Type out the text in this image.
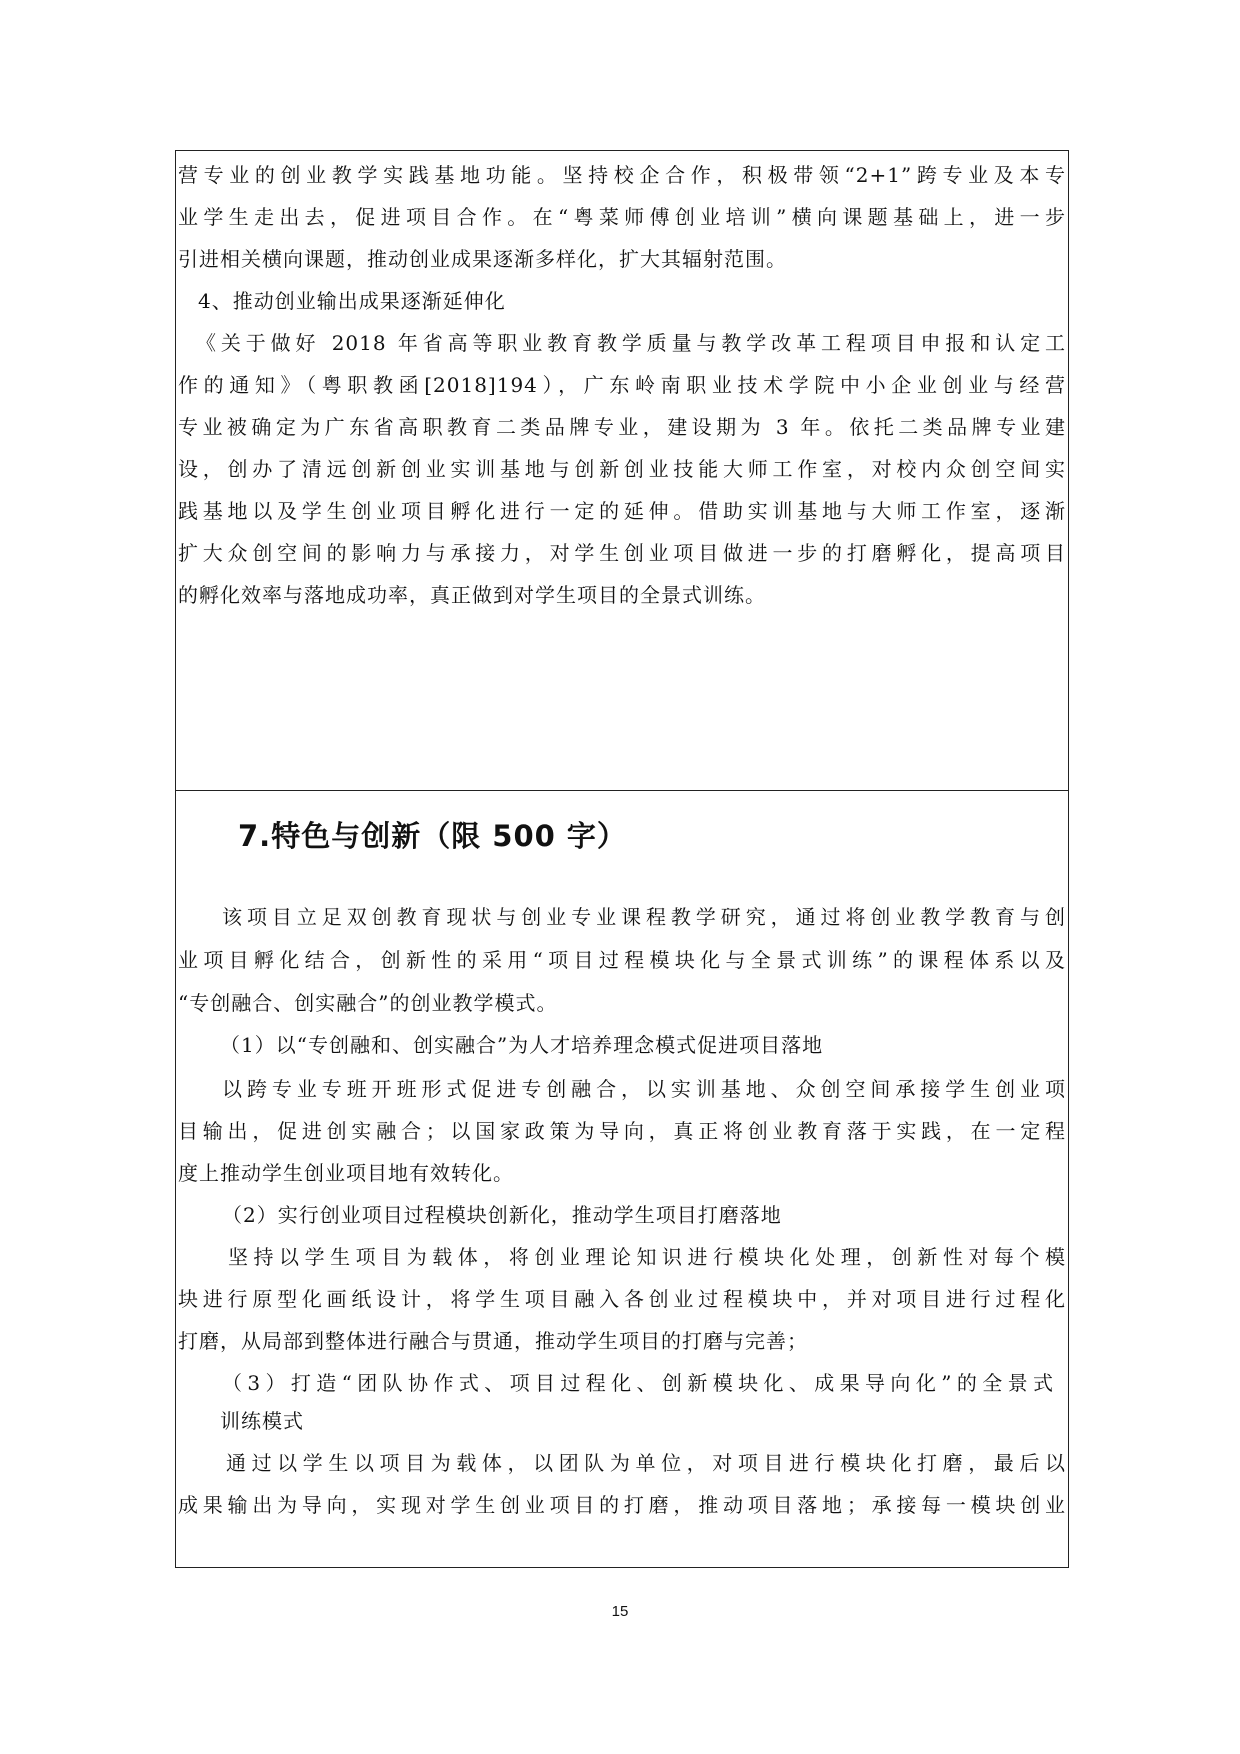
营专业的创业教学实践基地功能。坚持校企合作，积极带领“2+1”跨专业及本专
业学生走出去，促进项目合作。在“粤菜师傅创业培训”横向课题基础上，进一步
引进相关横向课题，推动创业成果逐渐多样化，扩大其辐射范围。
4、推动创业输出成果逐渐延伸化
《关于做好 2018 年省高等职业教育教学质量与教学改革工程项目申报和认定工
作的通知》（粤职教函[2018]194），广东岭南职业技术学院中小企业创业与经营
专业被确定为广东省高职教育二类品牌专业，建设期为 3 年。依托二类品牌专业建
设，创办了清远创新创业实训基地与创新创业技能大师工作室，对校内众创空间实
践基地以及学生创业项目孵化进行一定的延伸。借助实训基地与大师工作室，逐渐
扩大众创空间的影响力与承接力，对学生创业项目做进一步的打磨孵化，提高项目
的孵化效率与落地成功率，真正做到对学生项目的全景式训练。
7.特色与创新（限 500 字）
该项目立足双创教育现状与创业专业课程教学研究，通过将创业教学教育与创
业项目孵化结合，创新性的采用“项目过程模块化与全景式训练”的课程体系以及
“专创融合、创实融合”的创业教学模式。
（1）以“专创融和、创实融合”为人才培养理念模式促进项目落地
以跨专业专班开班形式促进专创融合，以实训基地、众创空间承接学生创业项
目输出，促进创实融合；以国家政策为导向，真正将创业教育落于实践，在一定程
度上推动学生创业项目地有效转化。
（2）实行创业项目过程模块创新化，推动学生项目打磨落地
坚持以学生项目为载体，将创业理论知识进行模块化处理，创新性对每个模
块进行原型化画纸设计，将学生项目融入各创业过程模块中，并对项目进行过程化
打磨，从局部到整体进行融合与贯通，推动学生项目的打磨与完善；
（3）打造“团队协作式、项目过程化、创新模块化、成果导向化”的全景式
训练模式
通过以学生以项目为载体，以团队为单位，对项目进行模块化打磨，最后以
成果输出为导向，实现对学生创业项目的打磨，推动项目落地；承接每一模块创业
15
